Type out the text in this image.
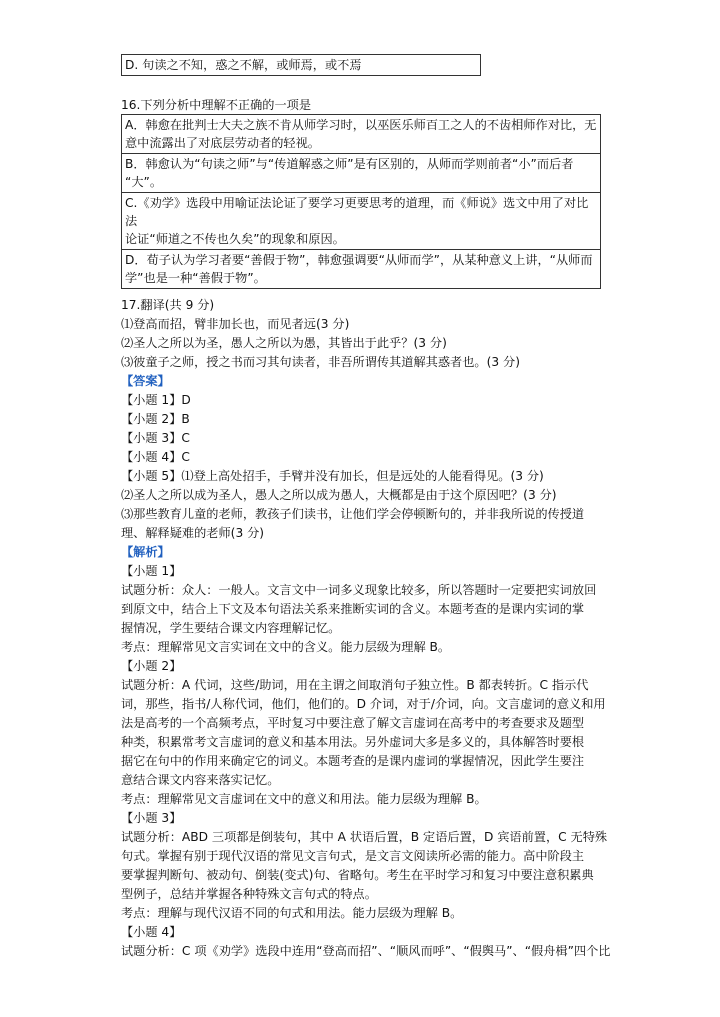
D. 句读之不知，惑之不解，或师焉，或不焉
16.下列分析中理解不正确的一项是
A．韩愈在批判士大夫之族不肯从师学习时，以巫医乐师百工之人的不齿相师作对比，无
意中流露出了对底层劳动者的轻视。

B．韩愈认为“句读之师”与“传道解惑之师”是有区别的，从师而学则前者“小”而后者
“大”。

C.《劝学》选段中用喻证法论证了要学习更要思考的道理，而《师说》选文中用了对比法
论证“师道之不传也久矣”的现象和原因。

D．荀子认为学习者要“善假于物”，韩愈强调要“从师而学”，从某种意义上讲，“从师而
学”也是一种“善假于物”。
17.翻译(共 9 分)
⑴登高而招，臂非加长也，而见者远(3 分)
⑵圣人之所以为圣，愚人之所以为愚，其皆出于此乎？(3 分)
⑶彼童子之师，授之书而习其句读者，非吾所谓传其道解其惑者也。(3 分)
【答案】
【小题 1】D
【小题 2】B
【小题 3】C
【小题 4】C
【小题 5】⑴登上高处招手，手臂并没有加长，但是远处的人能看得见。(3 分)
⑵圣人之所以成为圣人，愚人之所以成为愚人，大概都是由于这个原因吧？(3 分)
⑶那些教育儿童的老师，教孩子们读书，让他们学会停顿断句的，并非我所说的传授道
理、解释疑难的老师(3 分)
【解析】
【小题 1】
试题分析：众人：一般人。文言文中一词多义现象比较多，所以答题时一定要把实词放回
到原文中，结合上下文及本句语法关系来推断实词的含义。本题考查的是课内实词的掌
握情况，学生要结合课文内容理解记忆。
考点：理解常见文言实词在文中的含义。能力层级为理解 B。
【小题 2】
试题分析：A 代词，这些/助词，用在主谓之间取消句子独立性。B 都表转折。C 指示代
词，那些，指书/人称代词，他们，他们的。D 介词，对于/介词，向。文言虚词的意义和用
法是高考的一个高频考点，平时复习中要注意了解文言虚词在高考中的考查要求及题型
种类，积累常考文言虚词的意义和基本用法。另外虚词大多是多义的，具体解答时要根
据它在句中的作用来确定它的词义。本题考查的是课内虚词的掌握情况，因此学生要注
意结合课文内容来落实记忆。
考点：理解常见文言虚词在文中的意义和用法。能力层级为理解 B。
【小题 3】
试题分析：ABD 三项都是倒装句，其中 A 状语后置，B 定语后置，D 宾语前置，C 无特殊
句式。掌握有别于现代汉语的常见文言句式，是文言文阅读所必需的能力。高中阶段主
要掌握判断句、被动句、倒装(变式)句、省略句。考生在平时学习和复习中要注意积累典
型例子，总结并掌握各种特殊文言句式的特点。
考点：理解与现代汉语不同的句式和用法。能力层级为理解 B。
【小题 4】
试题分析：C 项《劝学》选段中连用“登高而招”、“顺风而呼”、“假舆马”、“假舟楫”四个比
